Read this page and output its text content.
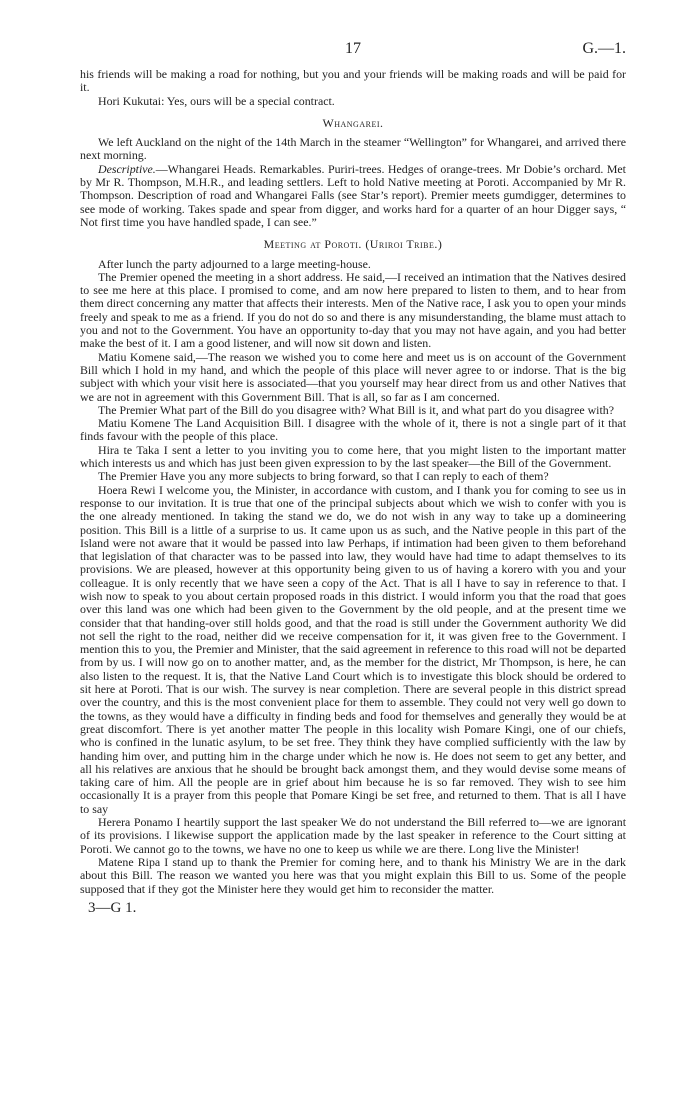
17	G.—1.

his friends will be making a road for nothing, but you and your friends will be making roads and will be paid for it.

Hori Kukutai: Yes, ours will be a special contract.

Whangarei.

We left Auckland on the night of the 14th March in the steamer “Wellington” for Whangarei, and arrived there next morning.

Descriptive.—Whangarei Heads. Remarkables. Puriri-trees. Hedges of orange-trees. Mr Dobie’s orchard. Met by Mr R. Thompson, M.H.R., and leading settlers. Left to hold Native meeting at Poroti. Accompanied by Mr R. Thompson. Description of road and Whangarei Falls (see Star’s report). Premier meets gumdigger, determines to see mode of working. Takes spade and spear from digger, and works hard for a quarter of an hour Digger says, “ Not first time you have handled spade, I can see.”

Meeting at Poroti. (Uriroi Tribe.)

After lunch the party adjourned to a large meeting-house.

The Premier opened the meeting in a short address. He said,—I received an intimation that the Natives desired to see me here at this place. I promised to come, and am now here prepared to listen to them, and to hear from them direct concerning any matter that affects their interests. Men of the Native race, I ask you to open your minds freely and speak to me as a friend. If you do not do so and there is any misunderstanding, the blame must attach to you and not to the Government. You have an opportunity to-day that you may not have again, and you had better make the best of it. I am a good listener, and will now sit down and listen.

Matiu Komene said,—The reason we wished you to come here and meet us is on account of the Government Bill which I hold in my hand, and which the people of this place will never agree to or indorse. That is the big subject with which your visit here is associated—that you yourself may hear direct from us and other Natives that we are not in agreement with this Government Bill. That is all, so far as I am concerned.

The Premier What part of the Bill do you disagree with? What Bill is it, and what part do you disagree with?

Matiu Komene The Land Acquisition Bill. I disagree with the whole of it, there is not a single part of it that finds favour with the people of this place.

Hira te Taka I sent a letter to you inviting you to come here, that you might listen to the important matter which interests us and which has just been given expression to by the last speaker—the Bill of the Government.

The Premier Have you any more subjects to bring forward, so that I can reply to each of them?

Hoera Rewi I welcome you, the Minister, in accordance with custom, and I thank you for coming to see us in response to our invitation. It is true that one of the principal subjects about which we wish to confer with you is the one already mentioned. In taking the stand we do, we do not wish in any way to take up a domineering position. This Bill is a little of a surprise to us. It came upon us as such, and the Native people in this part of the Island were not aware that it would be passed into law Perhaps, if intimation had been given to them beforehand that legislation of that character was to be passed into law, they would have had time to adapt themselves to its provisions. We are pleased, however at this opportunity being given to us of having a korero with you and your colleague. It is only recently that we have seen a copy of the Act. That is all I have to say in reference to that. I wish now to speak to you about certain proposed roads in this district. I would inform you that the road that goes over this land was one which had been given to the Government by the old people, and at the present time we consider that that handing-over still holds good, and that the road is still under the Government authority We did not sell the right to the road, neither did we receive compensation for it, it was given free to the Government. I mention this to you, the Premier and Minister, that the said agreement in reference to this road will not be departed from by us. I will now go on to another matter, and, as the member for the district, Mr Thompson, is here, he can also listen to the request. It is, that the Native Land Court which is to investigate this block should be ordered to sit here at Poroti. That is our wish. The survey is near completion. There are several people in this district spread over the country, and this is the most convenient place for them to assemble. They could not very well go down to the towns, as they would have a difficulty in finding beds and food for themselves and generally they would be at great discomfort. There is yet another matter The people in this locality wish Pomare Kingi, one of our chiefs, who is confined in the lunatic asylum, to be set free. They think they have complied sufficiently with the law by handing him over, and putting him in the charge under which he now is. He does not seem to get any better, and all his relatives are anxious that he should be brought back amongst them, and they would devise some means of taking care of him. All the people are in grief about him because he is so far removed. They wish to see him occasionally It is a prayer from this people that Pomare Kingi be set free, and returned to them. That is all I have to say

Herera Ponamo I heartily support the last speaker We do not understand the Bill referred to—we are ignorant of its provisions. I likewise support the application made by the last speaker in reference to the Court sitting at Poroti. We cannot go to the towns, we have no one to keep us while we are there. Long live the Minister!

Matene Ripa I stand up to thank the Premier for coming here, and to thank his Ministry We are in the dark about this Bill. The reason we wanted you here was that you might explain this Bill to us. Some of the people supposed that if they got the Minister here they would get him to reconsider the matter.

3—G 1.
